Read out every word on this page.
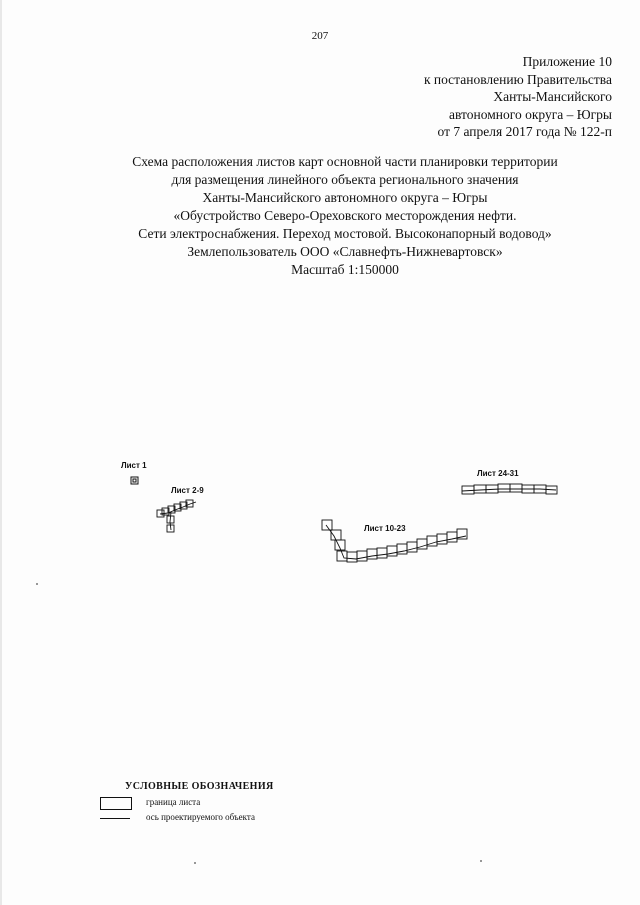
207
Приложение 10
к постановлению Правительства
Ханты-Мансийского
автономного округа – Югры
от 7 апреля 2017 года № 122-п
Схема расположения листов карт основной части планировки территории
для размещения линейного объекта регионального значения
Ханты-Мансийского автономного округа – Югры
«Обустройство Северо-Ореховского месторождения нефти.
Сети электроснабжения. Переход мостовой. Высоконапорный водовод»
Землепользователь ООО «Славнефть-Нижневартовск»
Масштаб 1:150000
Лист 1
Лист 2-9
Лист 10-23
Лист 24-31
УСЛОВНЫЕ ОБОЗНАЧЕНИЯ
граница листа
ось проектируемого объекта
